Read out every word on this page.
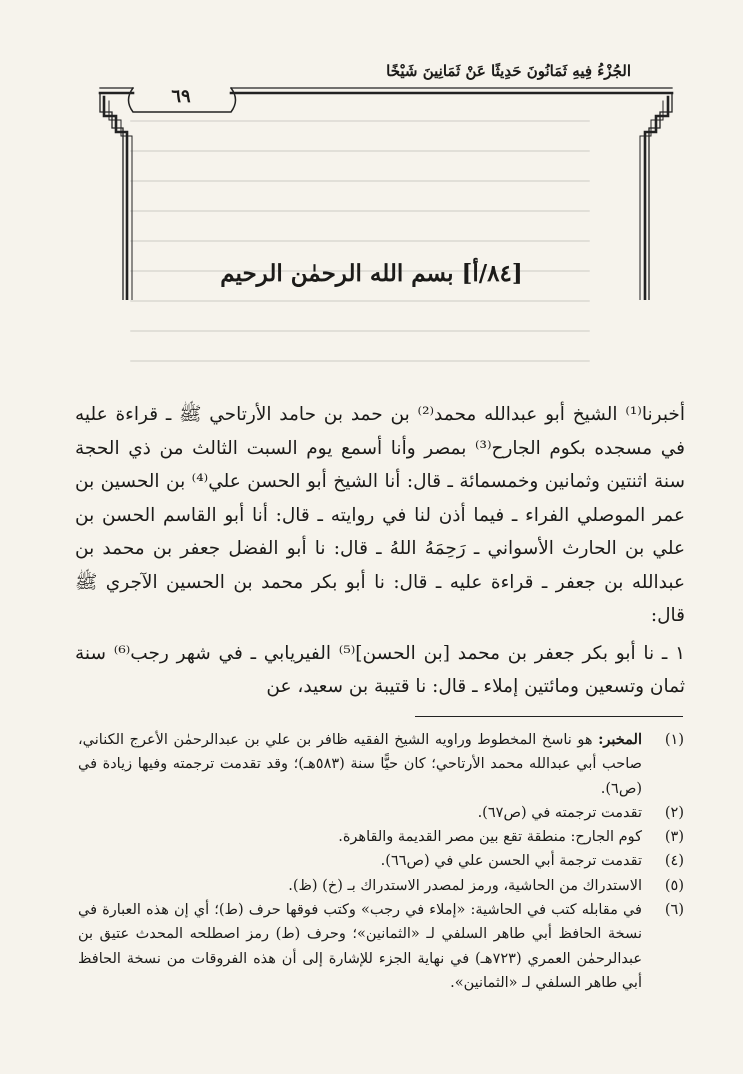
الجُزْءُ فِيهِ ثَمَانُونَ حَدِيثًا عَنْ ثَمَانِينَ شَيْخًا
٦٩
[٨٤/أ] بسم الله الرحمٰن الرحيم

أخبرنا⁽¹⁾ الشيخ أبو عبدالله محمد⁽²⁾ بن حمد بن حامد الأرتاحي ﷺ ـ قراءة عليه في مسجده بكوم الجارح⁽³⁾ بمصر وأنا أسمع يوم السبت الثالث من ذي الحجة سنة اثنتين وثمانين وخمسمائة ـ قال: أنا الشيخ أبو الحسن علي⁽⁴⁾ بن الحسين بن عمر الموصلي الفراء ـ فيما أذن لنا في روايته ـ قال: أنا أبو القاسم الحسن بن علي بن الحارث الأسواني ـ رَحِمَهُ اللهُ ـ قال: نا أبو الفضل جعفر بن محمد بن عبدالله بن جعفر ـ قراءة عليه ـ قال: نا أبو بكر محمد بن الحسين الآجري ﷺ قال:

١ ـ نا أبو بكر جعفر بن محمد [بن الحسن]⁽⁵⁾ الفيريابي ـ في شهر رجب⁽⁶⁾ سنة ثمان وتسعين ومائتين إملاء ـ قال: نا قتيبة بن سعيد، عن

(١)
المخبر: هو ناسخ المخطوط وراويه الشيخ الفقيه ظافر بن علي بن عبدالرحمٰن الأعرج الكناني، صاحب أبي عبدالله محمد الأرتاحي؛ كان حيًّا سنة (٥٨٣هـ)؛ وقد تقدمت ترجمته وفيها زيادة في (ص٦).
(٢)
تقدمت ترجمته في (ص٦٧).
(٣)
كوم الجارح: منطقة تقع بين مصر القديمة والقاهرة.
(٤)
تقدمت ترجمة أبي الحسن علي في (ص٦٦).
(٥)
الاستدراك من الحاشية، ورمز لمصدر الاستدراك بـ (خ) (ظ).
(٦)
في مقابله كتب في الحاشية: «إملاء في رجب» وكتب فوقها حرف (ط)؛ أي إن هذه العبارة في نسخة الحافظ أبي طاهر السلفي لـ «الثمانين»؛ وحرف (ط) رمز اصطلحه المحدث عتيق بن عبدالرحمٰن العمري (٧٢٣هـ) في نهاية الجزء للإشارة إلى أن هذه الفروقات من نسخة الحافظ أبي طاهر السلفي لـ «الثمانين».
